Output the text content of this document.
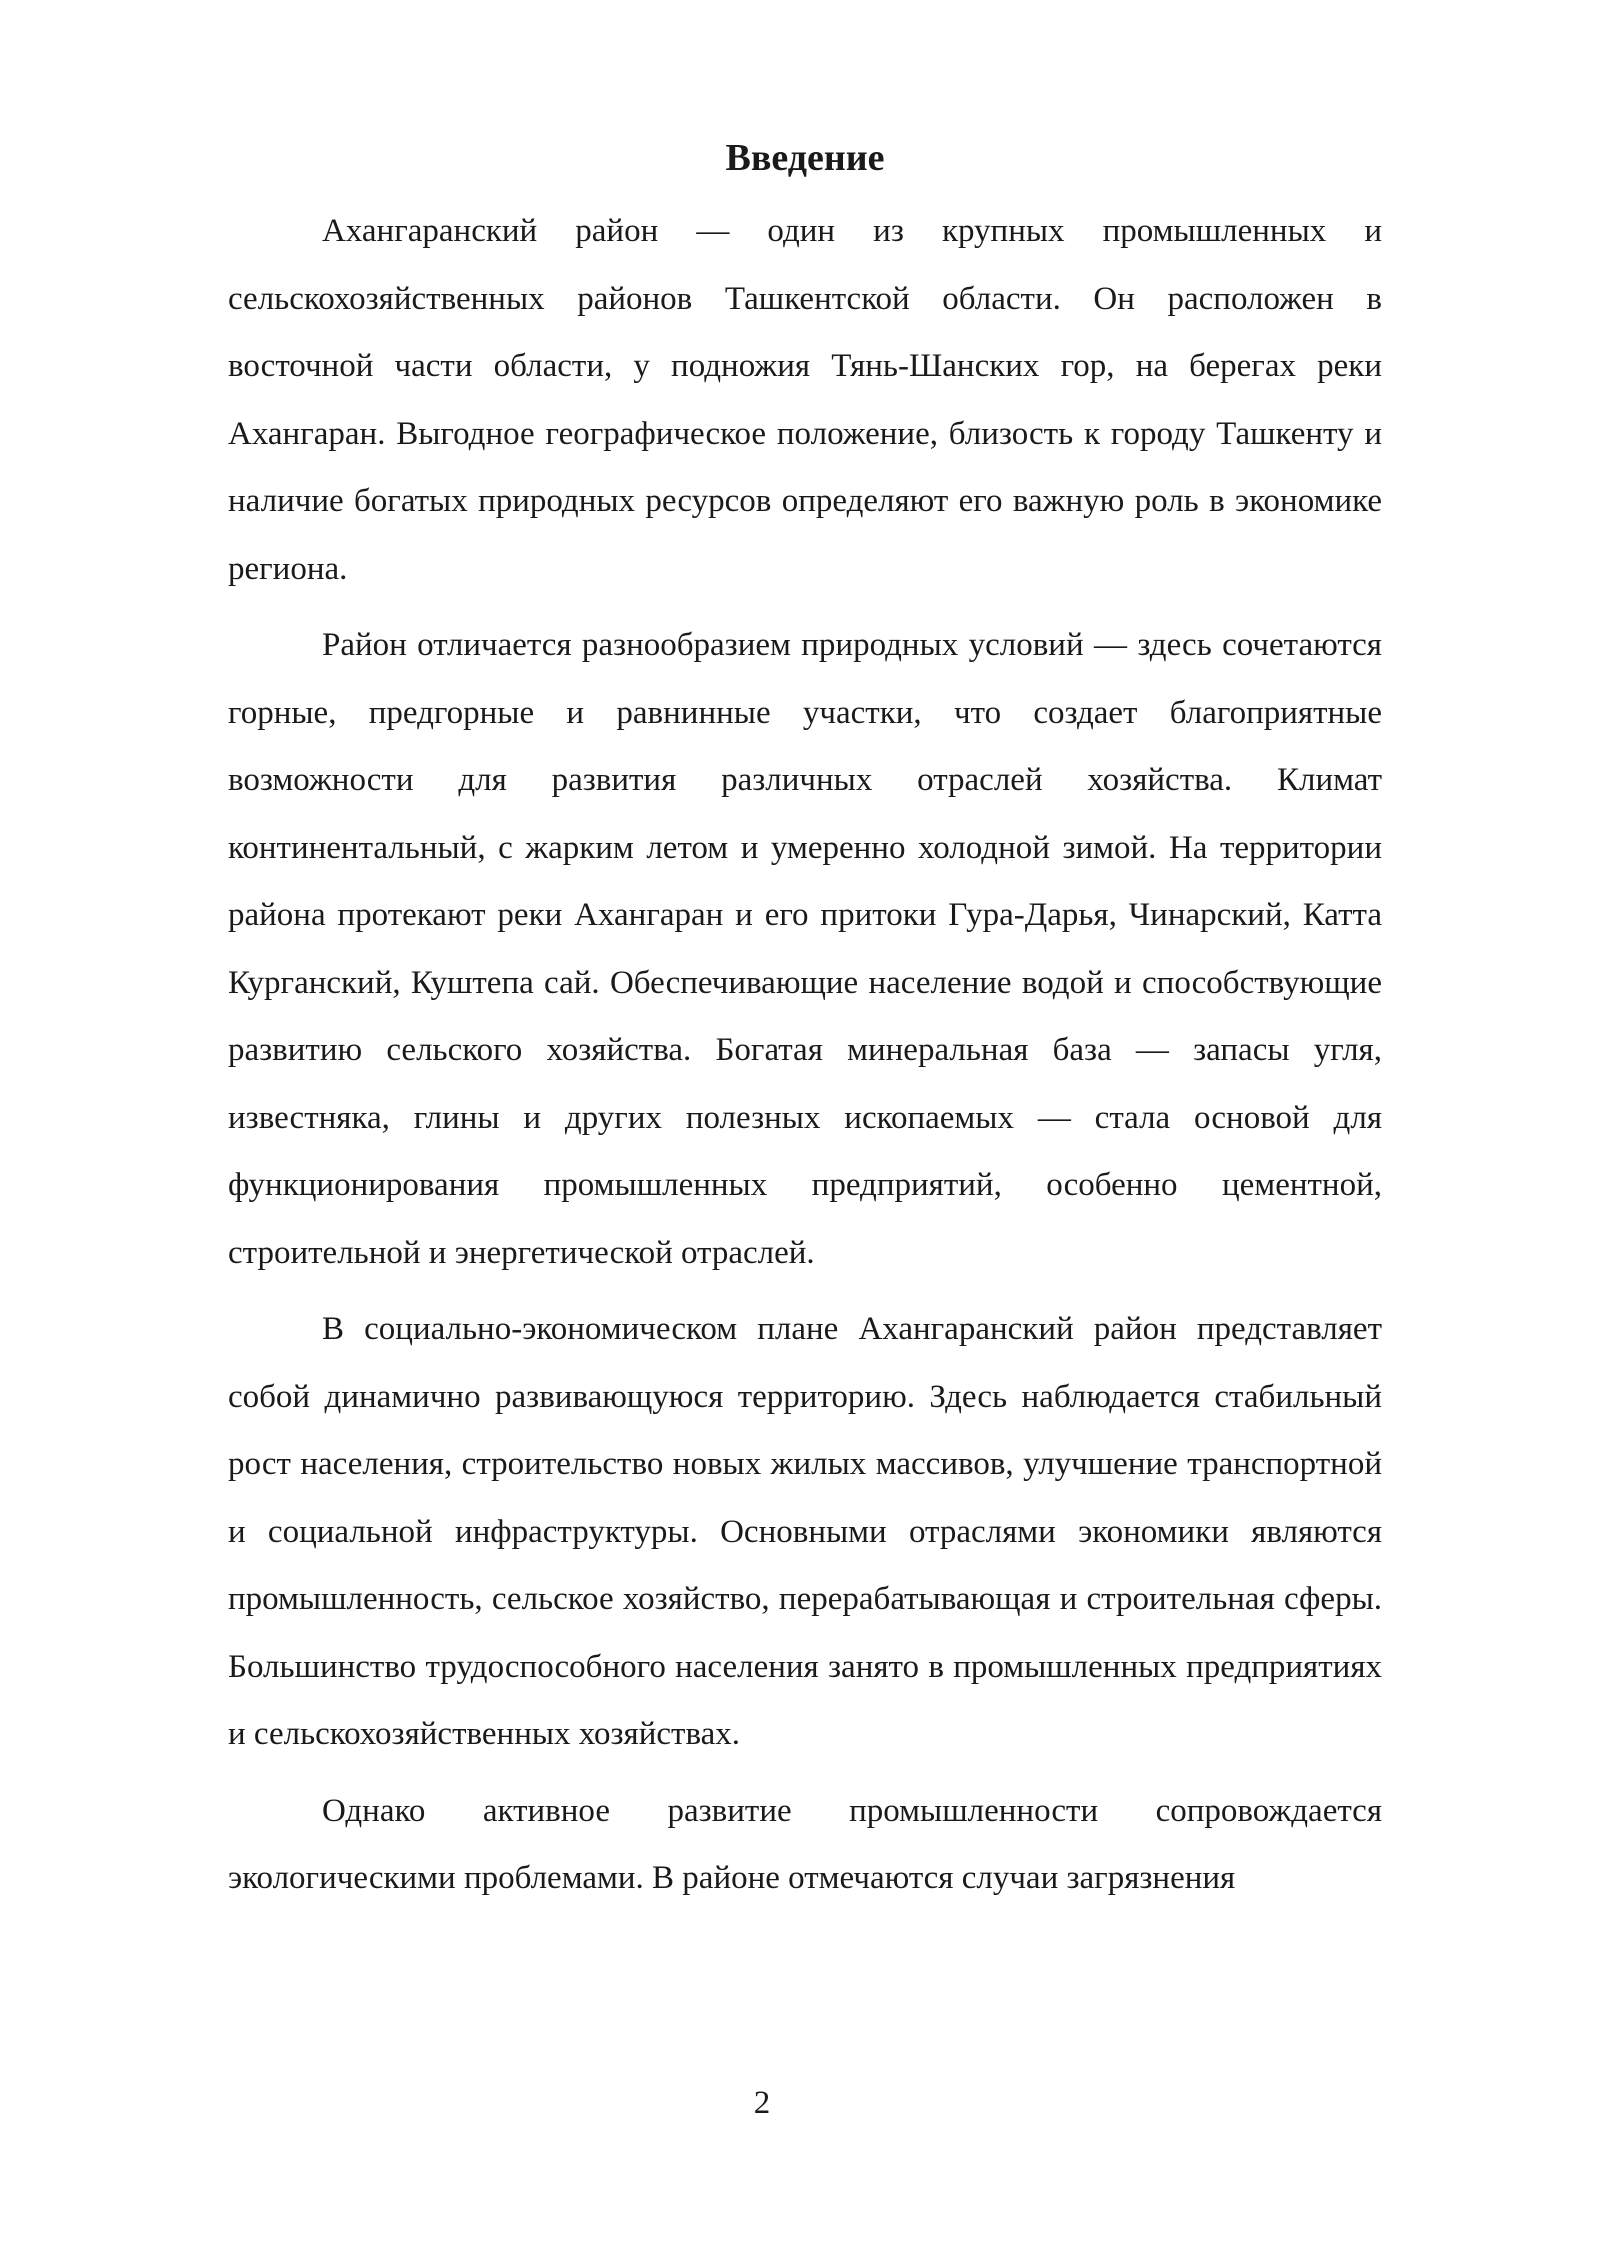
Введение

Ахангаранский район — один из крупных промышленных и сельскохозяйственных районов Ташкентской области. Он расположен в восточной части области, у подножия Тянь-Шанских гор, на берегах реки Ахангаран. Выгодное географическое положение, близость к городу Ташкенту и наличие богатых природных ресурсов определяют его важную роль в экономике региона.

Район отличается разнообразием природных условий — здесь сочетаются горные, предгорные и равнинные участки, что создает благоприятные возможности для развития различных отраслей хозяйства. Климат континентальный, с жарким летом и умеренно холодной зимой. На территории района протекают реки Ахангаран и его притоки Гура-Дарья, Чинарский, Катта Курганский, Куштепа сай. Обеспечивающие население водой и способствующие развитию сельского хозяйства. Богатая минеральная база — запасы угля, известняка, глины и других полезных ископаемых — стала основой для функционирования промышленных предприятий, особенно цементной, строительной и энергетической отраслей.

В социально-экономическом плане Ахангаранский район представляет собой динамично развивающуюся территорию. Здесь наблюдается стабильный рост населения, строительство новых жилых массивов, улучшение транспортной и социальной инфраструктуры. Основными отраслями экономики являются промышленность, сельское хозяйство, перерабатывающая и строительная сферы. Большинство трудоспособного населения занято в промышленных предприятиях и сельскохозяйственных хозяйствах.

Однако активное развитие промышленности сопровождается экологическими проблемами. В районе отмечаются случаи загрязнения

2
